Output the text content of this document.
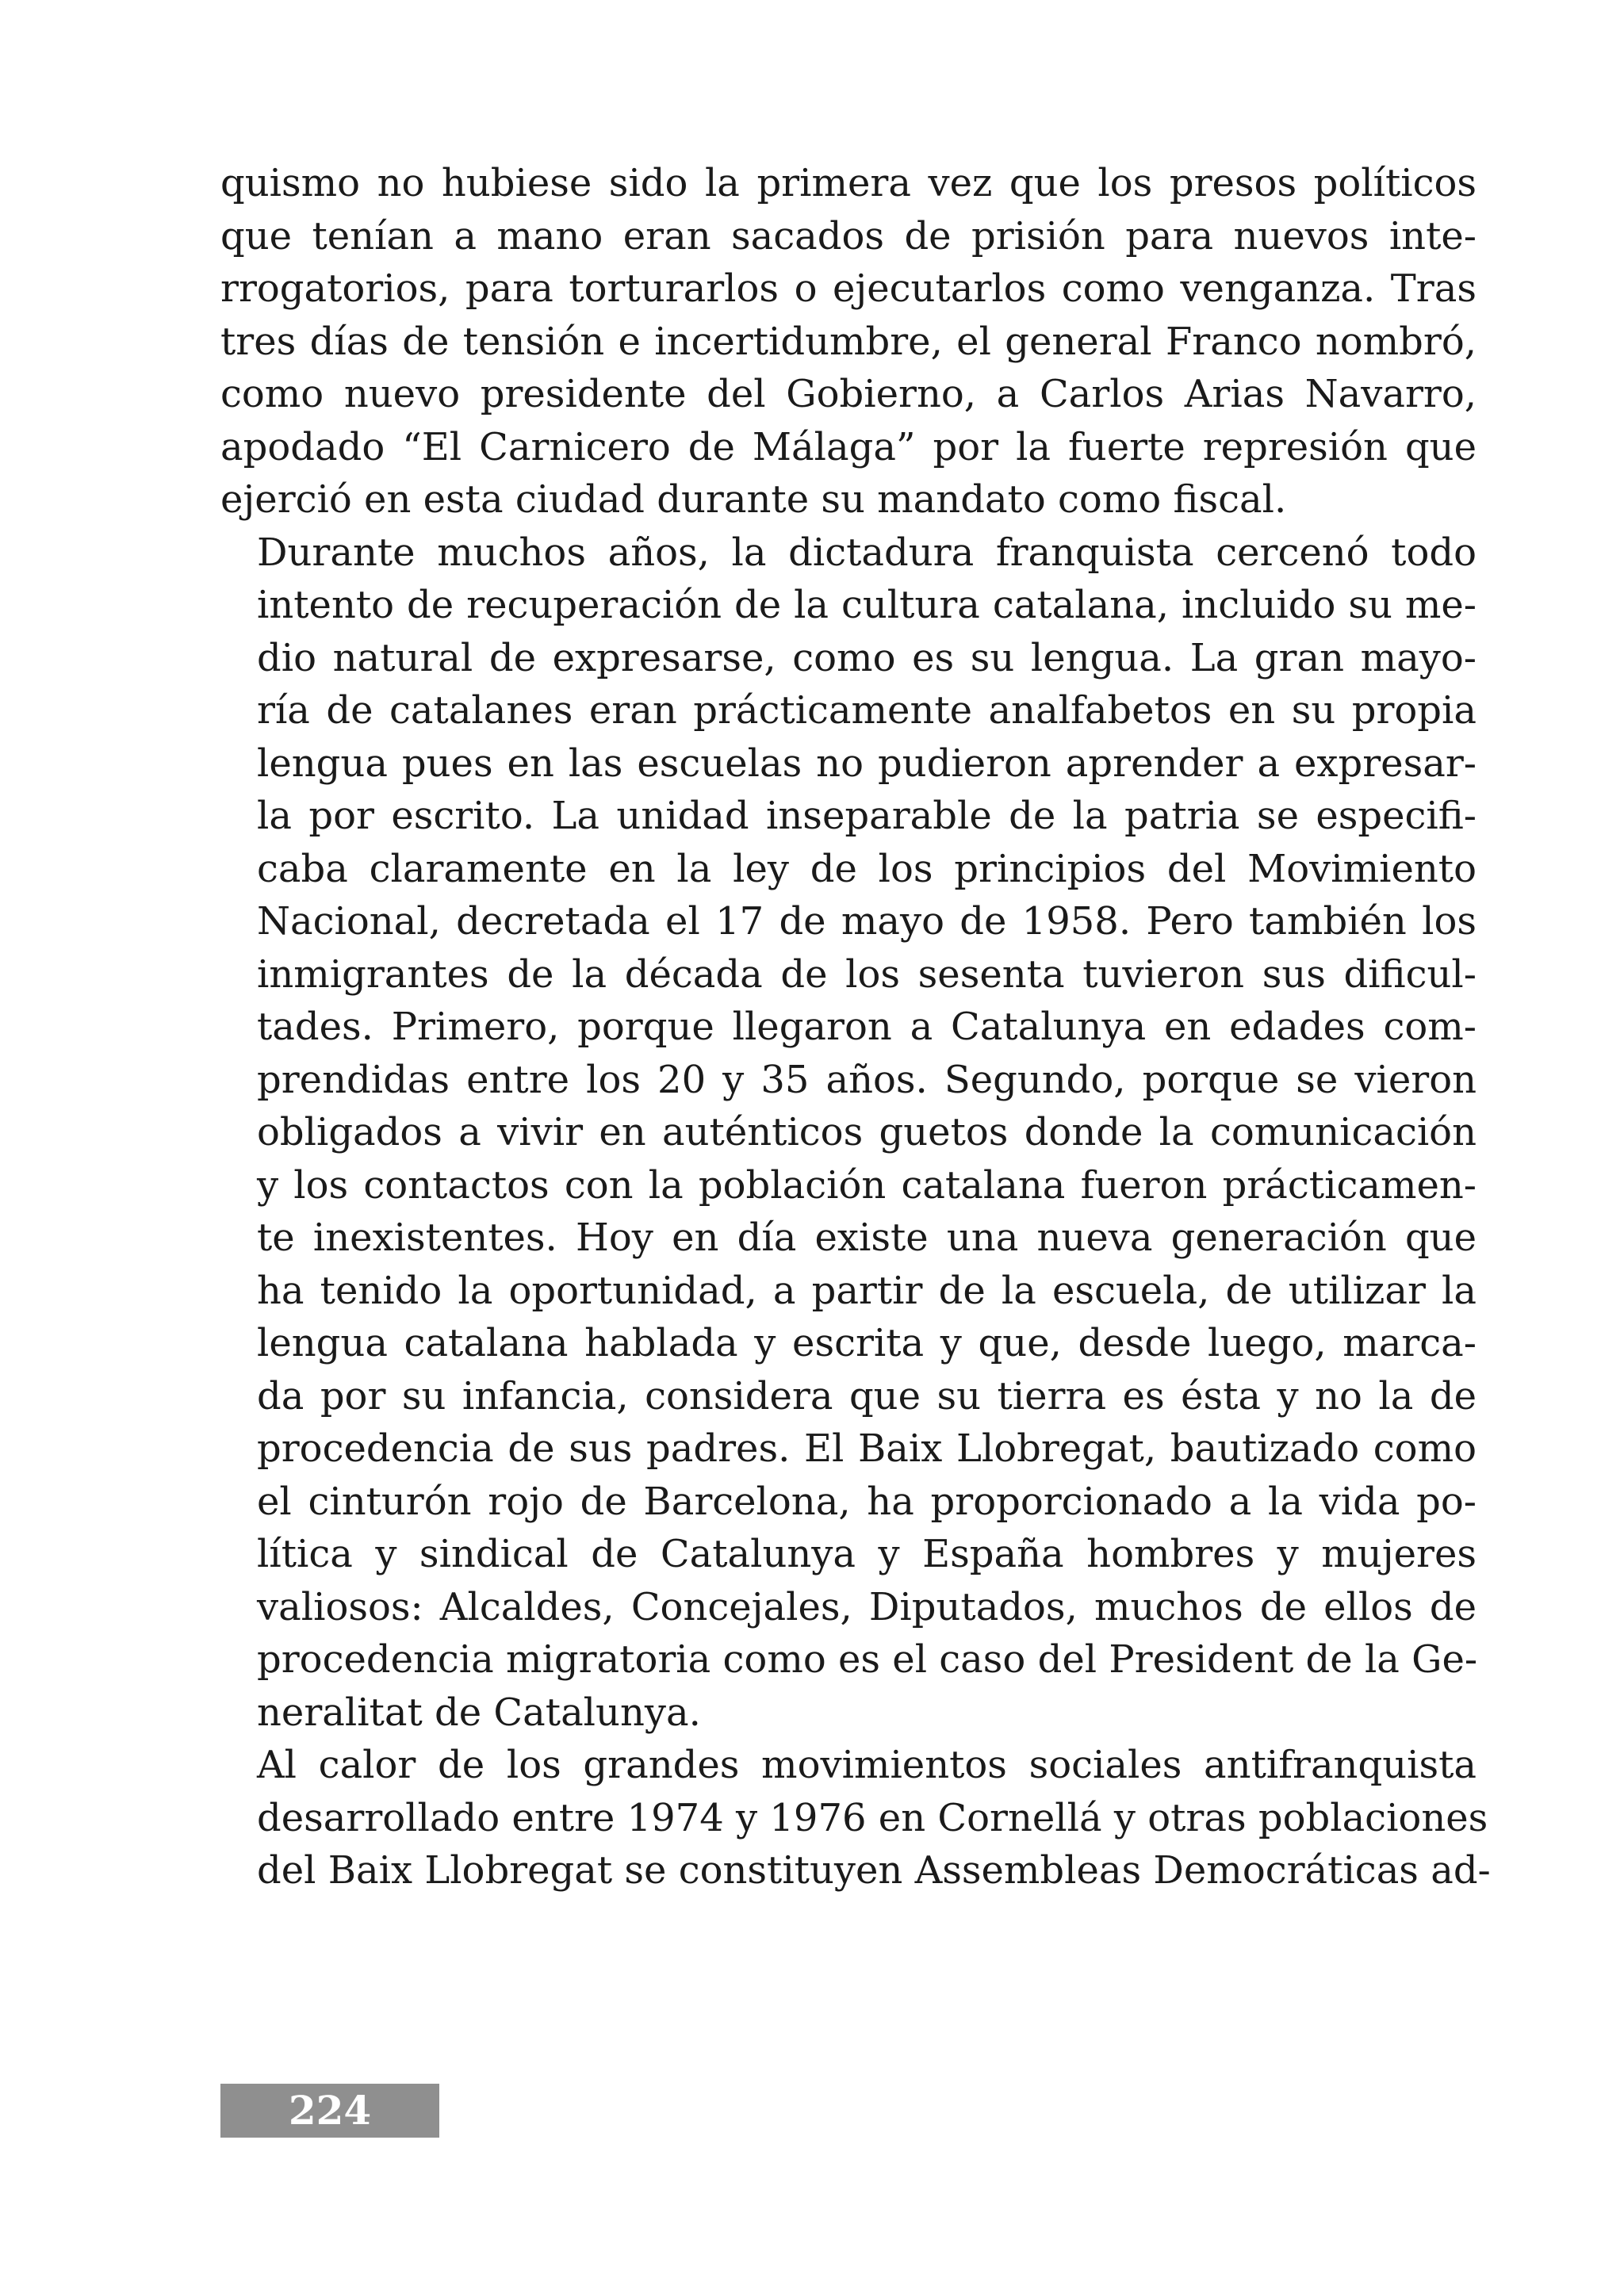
quismo no hubiese sido la primera vez que los presos políticos
que tenían a mano eran sacados de prisión para nuevos inte-
rrogatorios, para torturarlos o ejecutarlos como venganza. Tras
tres días de tensión e incertidumbre, el general Franco nombró,
como nuevo presidente del Gobierno, a Carlos Arias Navarro,
apodado “El Carnicero de Málaga” por la fuerte represión que
ejerció en esta ciudad durante su mandato como fiscal.
Durante muchos años, la dictadura franquista cercenó todo
intento de recuperación de la cultura catalana, incluido su me-
dio natural de expresarse, como es su lengua. La gran mayo-
ría de catalanes eran prácticamente analfabetos en su propia
lengua pues en las escuelas no pudieron aprender a expresar-
la por escrito. La unidad inseparable de la patria se especifi-
caba claramente en la ley de los principios del Movimiento
Nacional, decretada el 17 de mayo de 1958. Pero también los
inmigrantes de la década de los sesenta tuvieron sus dificul-
tades. Primero, porque llegaron a Catalunya en edades com-
prendidas entre los 20 y 35 años. Segundo, porque se vieron
obligados a vivir en auténticos guetos donde la comunicación
y los contactos con la población catalana fueron prácticamen-
te inexistentes. Hoy en día existe una nueva generación que
ha tenido la oportunidad, a partir de la escuela, de utilizar la
lengua catalana hablada y escrita y que, desde luego, marca-
da por su infancia, considera que su tierra es ésta y no la de
procedencia de sus padres. El Baix Llobregat, bautizado como
el cinturón rojo de Barcelona, ha proporcionado a la vida po-
lítica y sindical de Catalunya y España hombres y mujeres
valiosos: Alcaldes, Concejales, Diputados, muchos de ellos de
procedencia migratoria como es el caso del President de la Ge-
neralitat de Catalunya.
Al calor de los grandes movimientos sociales antifranquista
desarrollado entre 1974 y 1976 en Cornellá y otras poblaciones
del Baix Llobregat se constituyen Assembleas Democráticas ad-
224
